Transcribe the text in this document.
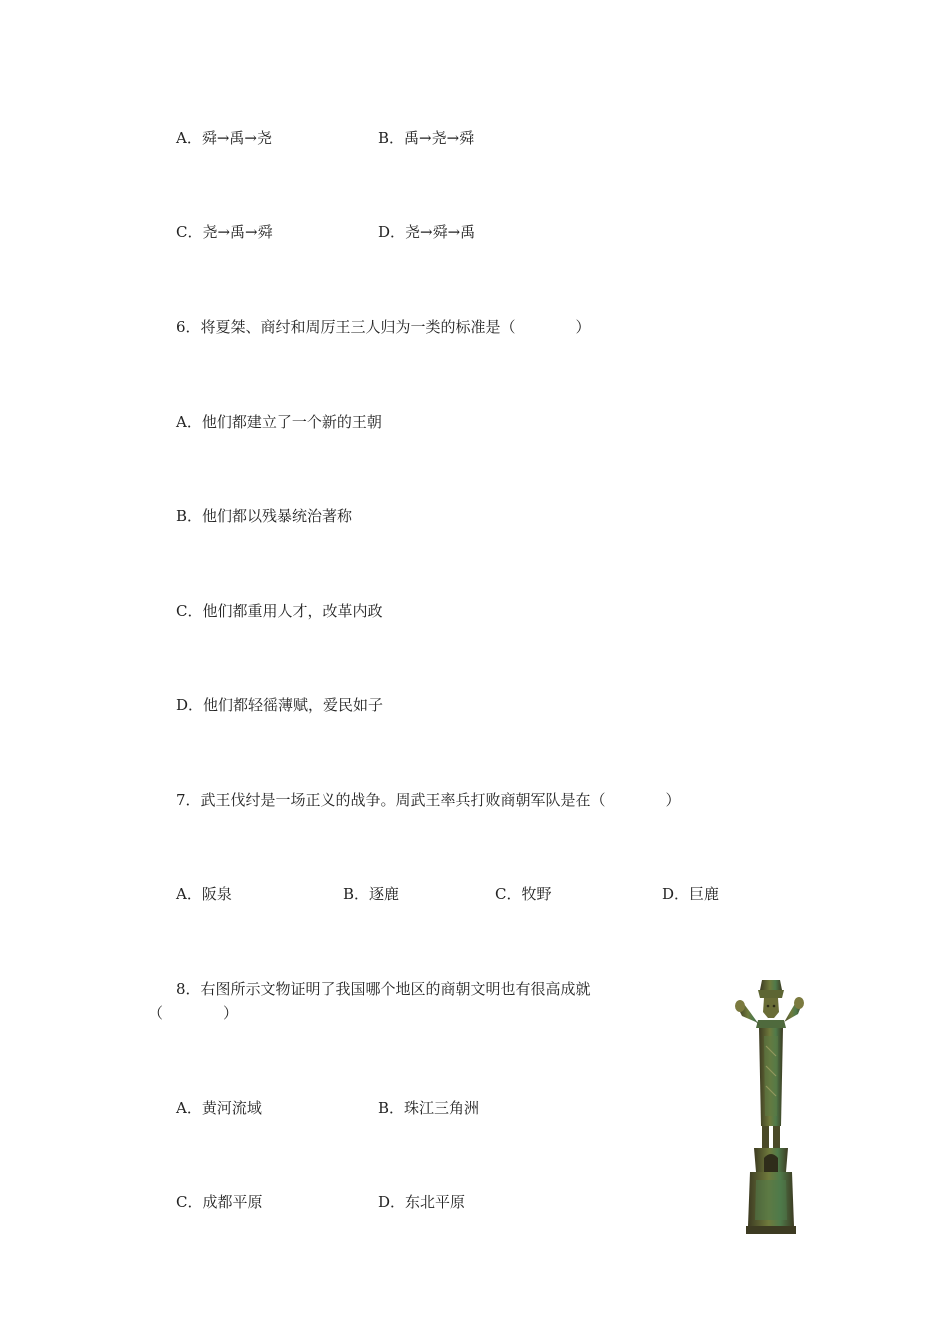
A．舜→禹→尧	B．禹→尧→舜
C．尧→禹→舜	D．尧→舜→禹
6．将夏桀、商纣和周厉王三人归为一类的标准是（　　　　）
A．他们都建立了一个新的王朝
B．他们都以残暴统治著称
C．他们都重用人才，改革内政
D．他们都轻徭薄赋，爱民如子
7．武王伐纣是一场正义的战争。周武王率兵打败商朝军队是在（　　　　）
A．阪泉	B．逐鹿	C．牧野	D．巨鹿
8．右图所示文物证明了我国哪个地区的商朝文明也有很高成就
（　　　　）
A．黄河流域	B．珠江三角洲
C．成都平原	D．东北平原
